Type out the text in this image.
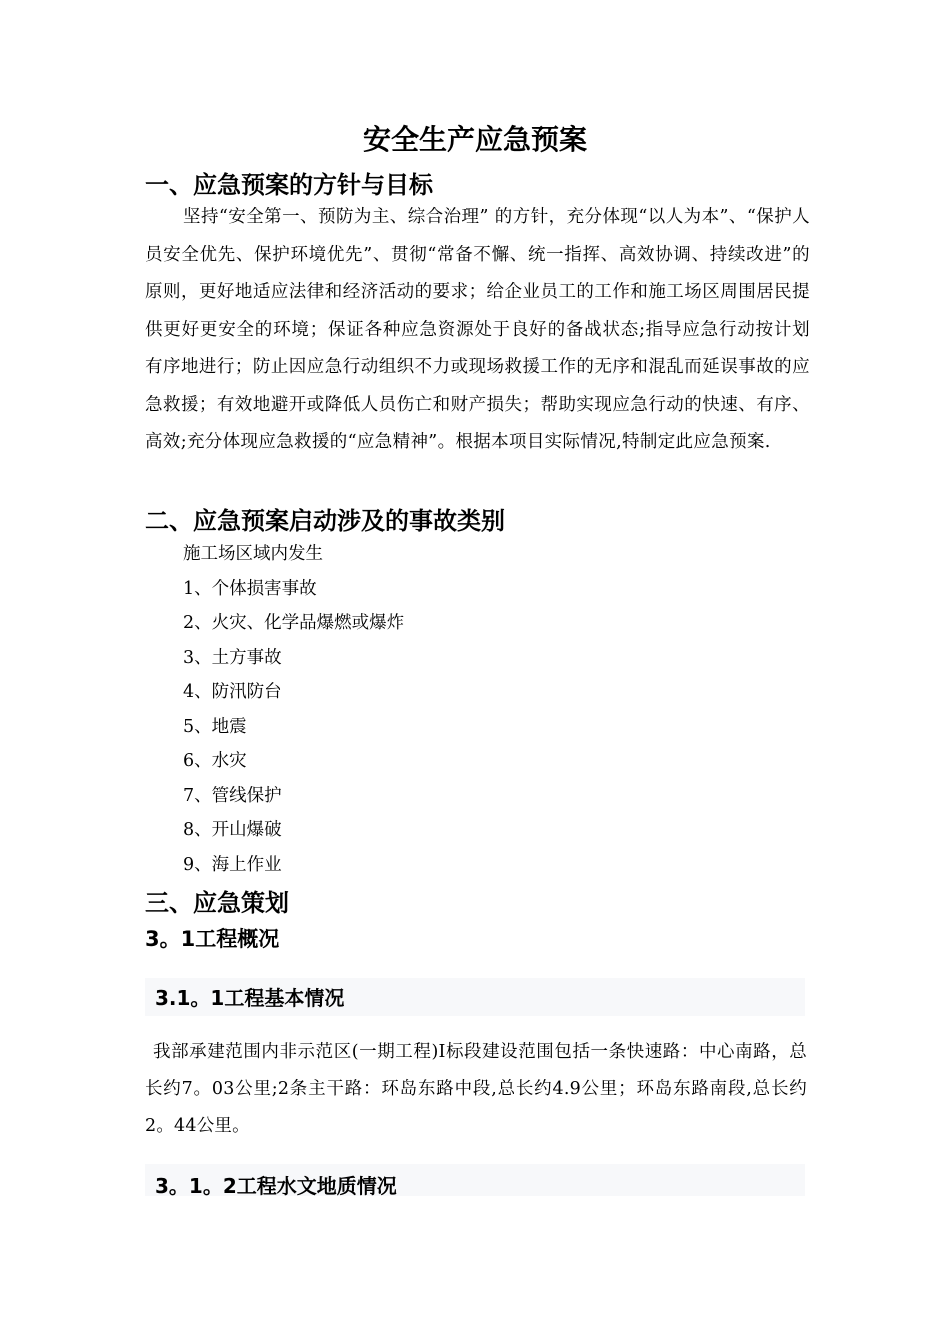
安全生产应急预案
一、应急预案的方针与目标

坚持“安全第一、预防为主、综合治理” 的方针，充分体现“以人为本”、“保护人员安全优先、保护环境优先”、贯彻“常备不懈、统一指挥、高效协调、持续改进”的原则，更好地适应法律和经济活动的要求；给企业员工的工作和施工场区周围居民提供更好更安全的环境；保证各种应急资源处于良好的备战状态;指导应急行动按计划有序地进行；防止因应急行动组织不力或现场救援工作的无序和混乱而延误事故的应急救援；有效地避开或降低人员伤亡和财产损失；帮助实现应急行动的快速、有序、高效;充分体现应急救援的“应急精神”。根据本项目实际情况,特制定此应急预案.

二、应急预案启动涉及的事故类别
施工场区域内发生
1、个体损害事故
2、火灾、化学品爆燃或爆炸
3、土方事故
4、防汛防台
5、地震
6、水灾
7、管线保护
8、开山爆破
9、海上作业
三、应急策划
3。1工程概况
3.1。1工程基本情况

我部承建范围内非示范区(一期工程)I标段建设范围包括一条快速路：中心南路，总长约7。03公里;2条主干路：环岛东路中段,总长约4.9公里；环岛东路南段,总长约2。44公里。

3。1。2工程水文地质情况
